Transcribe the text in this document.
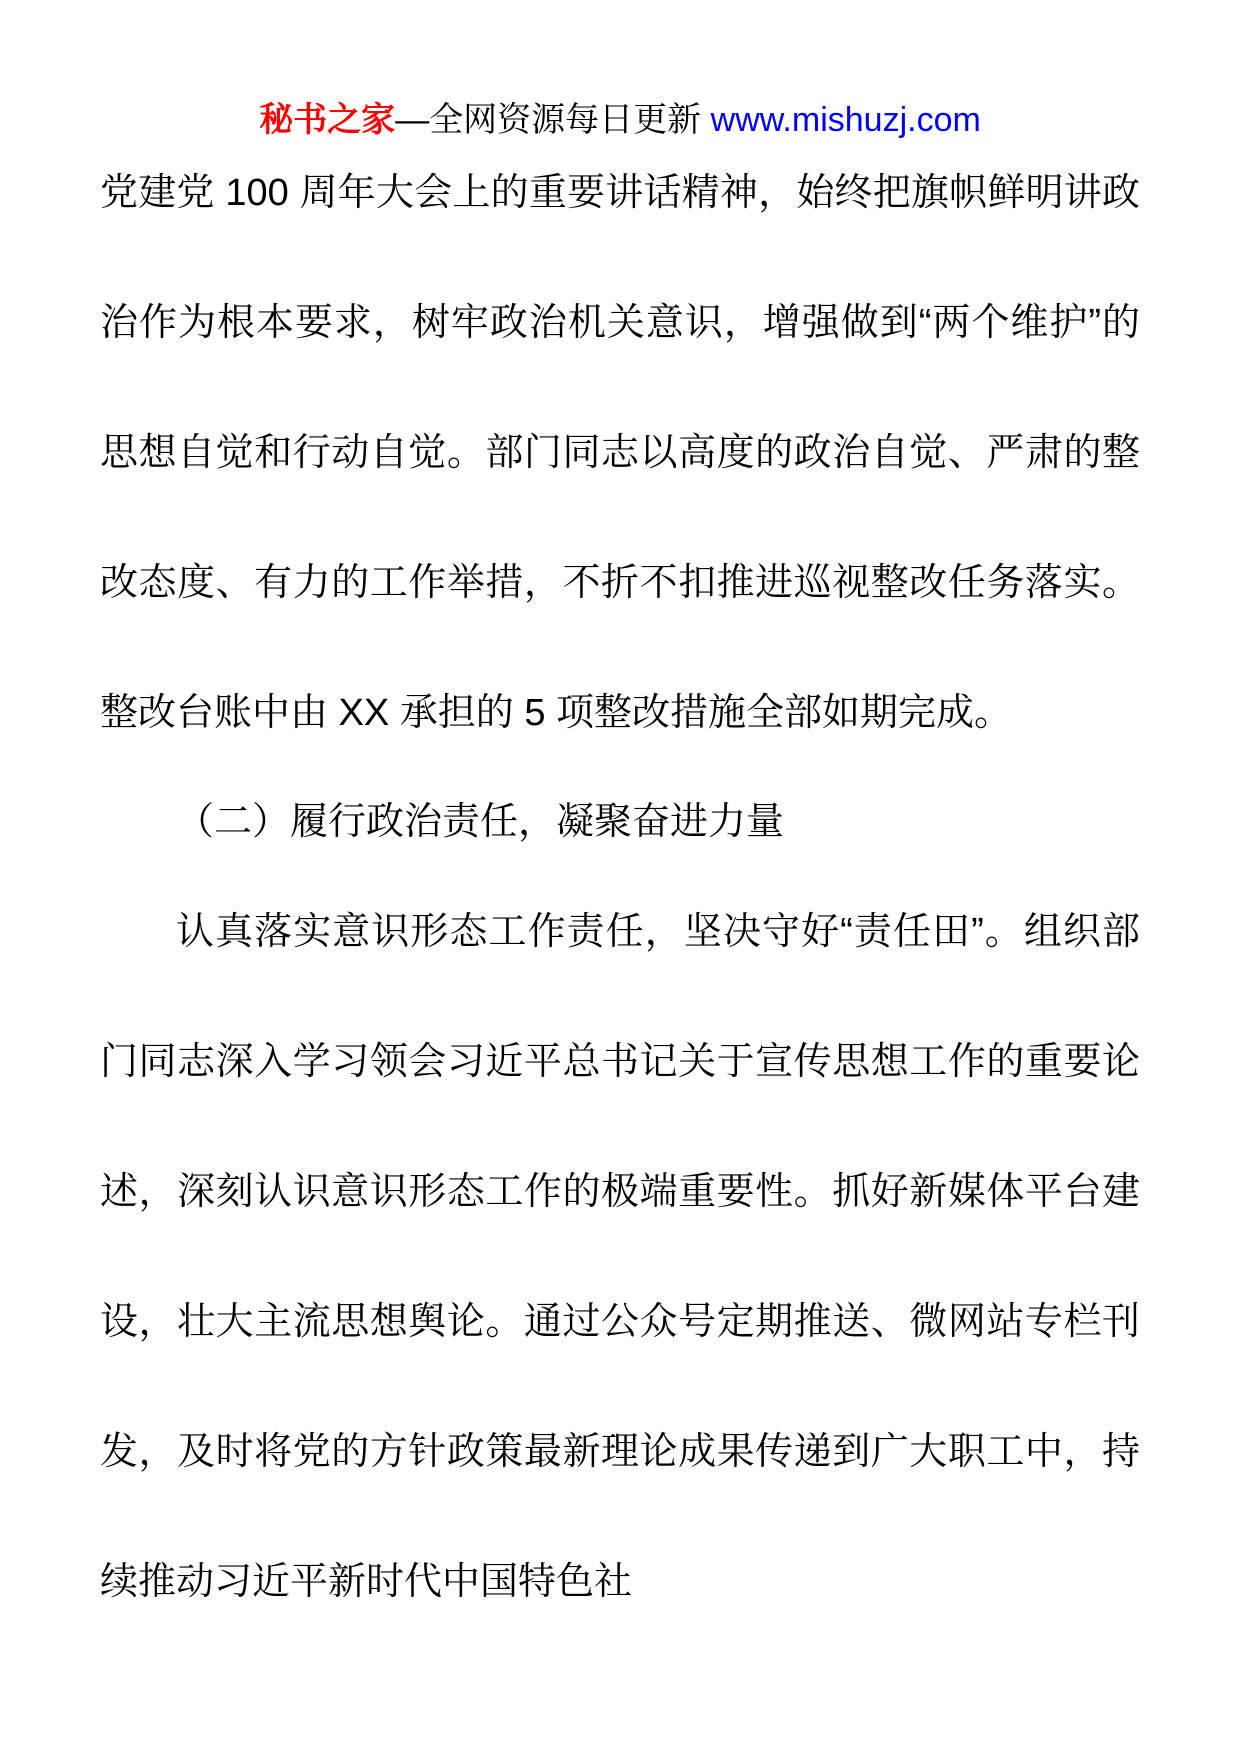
秘书之家—全网资源每日更新 www.mishuzj.com

党建党 100 周年大会上的重要讲话精神，始终把旗帜鲜明讲政治作为根本要求，树牢政治机关意识，增强做到“两个维护”的思想自觉和行动自觉。部门同志以高度的政治自觉、严肃的整改态度、有力的工作举措，不折不扣推进巡视整改任务落实。整改台账中由 XX 承担的 5 项整改措施全部如期完成。

（二）履行政治责任，凝聚奋进力量

认真落实意识形态工作责任，坚决守好“责任田”。组织部门同志深入学习领会习近平总书记关于宣传思想工作的重要论述，深刻认识意识形态工作的极端重要性。抓好新媒体平台建设，壮大主流思想舆论。通过公众号定期推送、微网站专栏刊发，及时将党的方针政策最新理论成果传递到广大职工中，持续推动习近平新时代中国特色社
